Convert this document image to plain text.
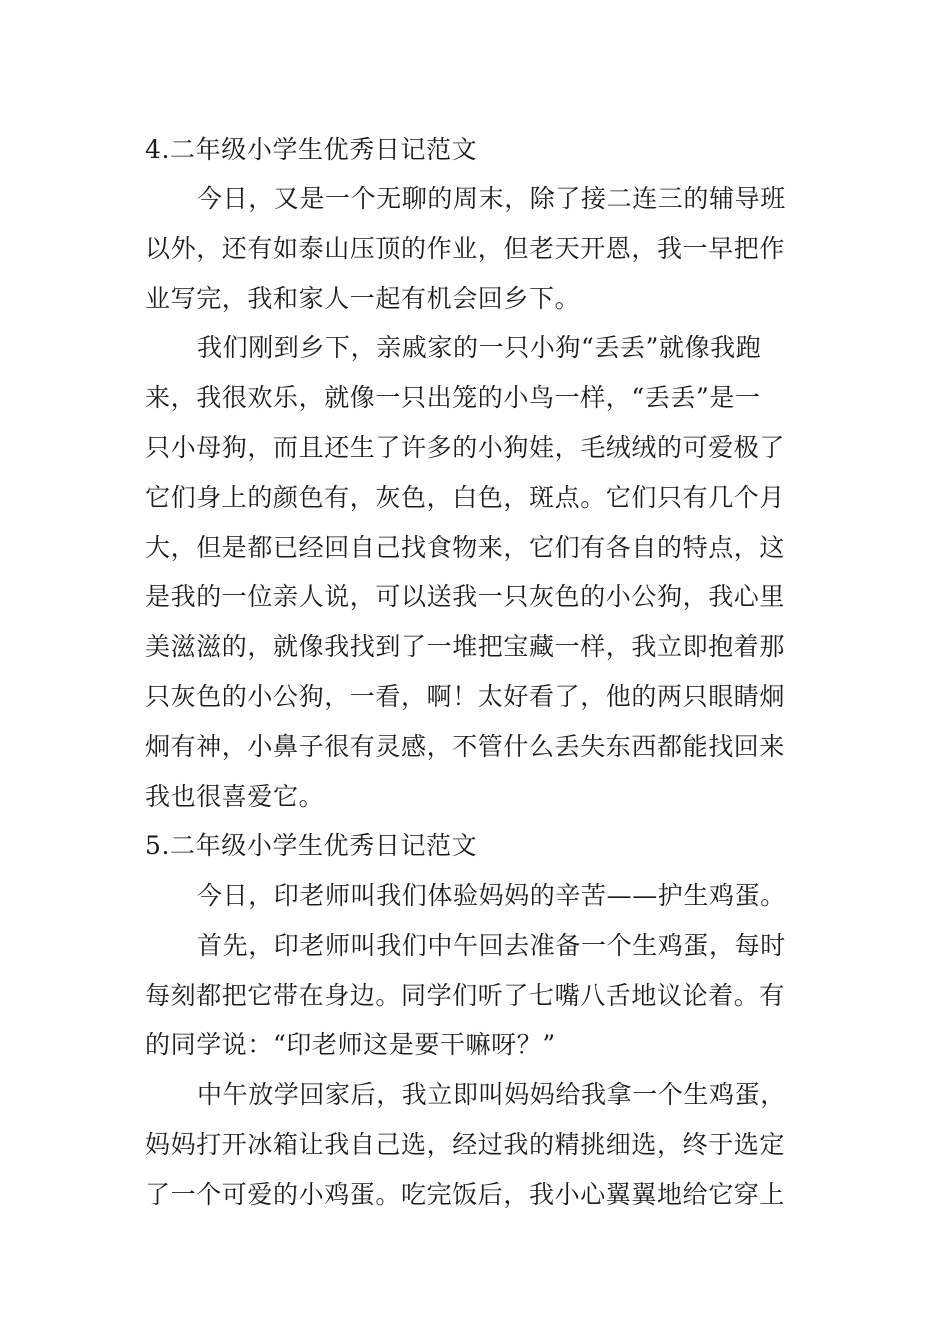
4.二年级小学生优秀日记范文

今日，又是一个无聊的周末，除了接二连三的辅导班

以外，还有如泰山压顶的作业，但老天开恩，我一早把作

业写完，我和家人一起有机会回乡下。

我们刚到乡下，亲戚家的一只小狗“丢丢”就像我跑

来，我很欢乐，就像一只出笼的小鸟一样，“丢丢”是一

只小母狗，而且还生了许多的小狗娃，毛绒绒的可爱极了

它们身上的颜色有，灰色，白色，斑点。它们只有几个月

大，但是都已经回自己找食物来，它们有各自的特点，这

是我的一位亲人说，可以送我一只灰色的小公狗，我心里

美滋滋的，就像我找到了一堆把宝藏一样，我立即抱着那

只灰色的小公狗，一看，啊！太好看了，他的两只眼睛炯

炯有神，小鼻子很有灵感，不管什么丢失东西都能找回来

我也很喜爱它。

5.二年级小学生优秀日记范文

今日，印老师叫我们体验妈妈的辛苦——护生鸡蛋。

首先，印老师叫我们中午回去准备一个生鸡蛋，每时

每刻都把它带在身边。同学们听了七嘴八舌地议论着。有

的同学说：“印老师这是要干嘛呀？”

中午放学回家后，我立即叫妈妈给我拿一个生鸡蛋，

妈妈打开冰箱让我自己选，经过我的精挑细选，终于选定

了一个可爱的小鸡蛋。吃完饭后，我小心翼翼地给它穿上
